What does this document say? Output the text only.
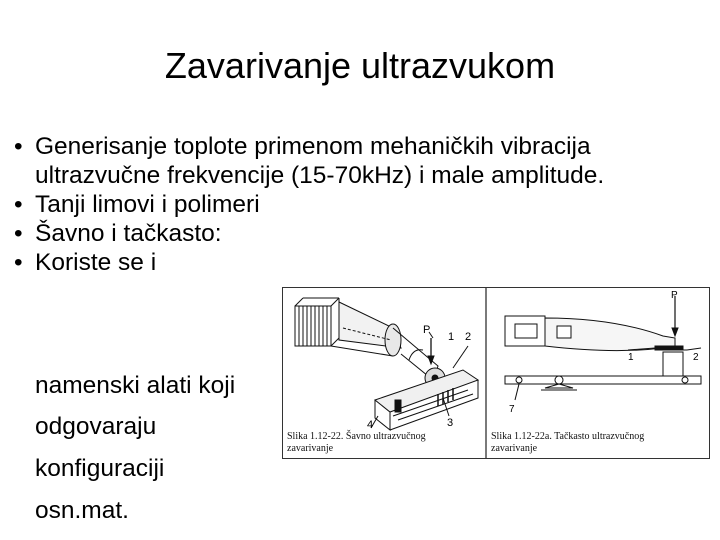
Zavarivanje ultrazvukom
• Generisanje toplote primenom mehaničkih vibracija ultrazvučne frekvencije (15-70kHz) i male amplitude.
• Tanji limovi i polimeri
• Šavno i tačkasto:
• Koriste se i
namenski alati koji
odgovaraju
konfiguraciji
osn.mat.
P
1 2
3
4
P
1	2
7
Slika 1.12-22. Šavno ultrazvučnog
zavarivanje
Slika 1.12-22a. Tačkasto ultrazvučnog
zavarivanje
